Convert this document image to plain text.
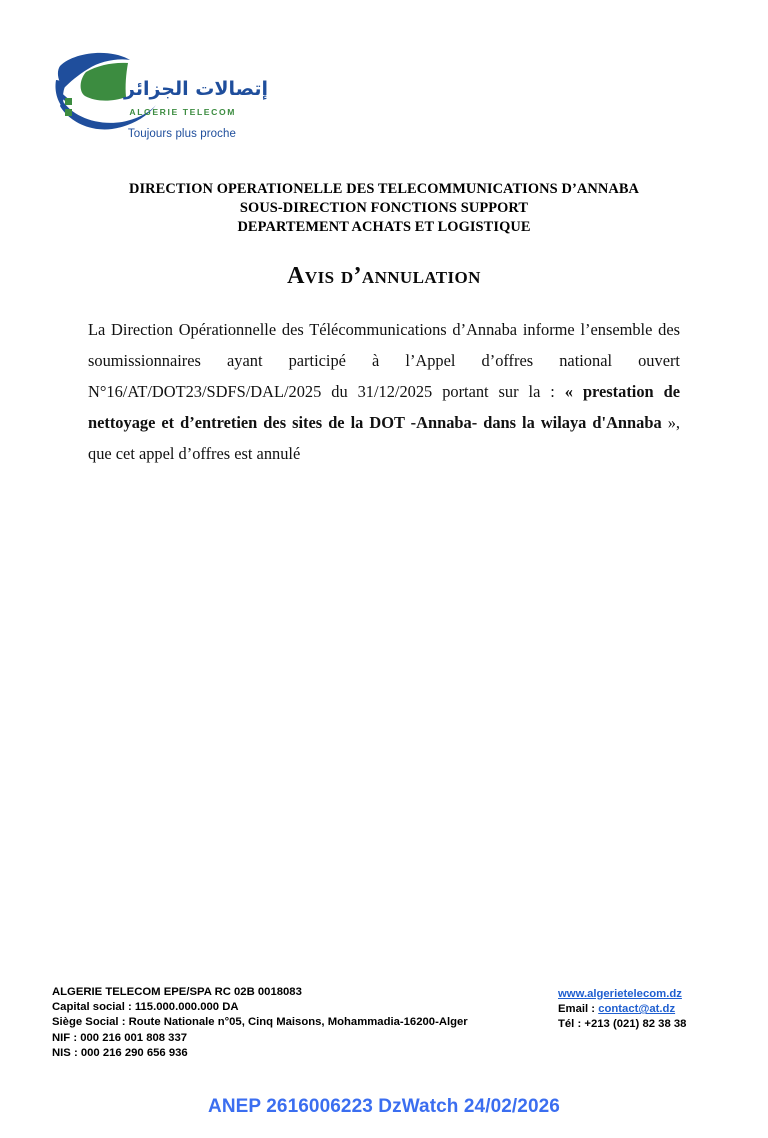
إتصالات الجزائر
ALGERIE TELECOM
Toujours plus proche
DIRECTION OPERATIONELLE DES TELECOMMUNICATIONS D’ANNABA
SOUS-DIRECTION FONCTIONS SUPPORT
DEPARTEMENT ACHATS ET LOGISTIQUE
Avis d’annulation

La Direction Opérationnelle des Télécommunications d’Annaba informe l’ensemble des soumissionnaires ayant participé à l’Appel d’offres national ouvert N°16/AT/DOT23/SDFS/DAL/2025 du 31/12/2025 portant sur la : « prestation de nettoyage et d’entretien des sites de la DOT -Annaba- dans la wilaya d'Annaba », que cet appel d’offres est annulé

ALGERIE TELECOM EPE/SPA RC 02B 0018083
Capital social : 115.000.000.000 DA
Siège Social : Route Nationale n°05, Cinq Maisons, Mohammadia-16200-Alger
NIF : 000 216 001 808 337
NIS : 000 216 290 656 936
www.algerietelecom.dz
Email : contact@at.dz
Tél : +213 (021) 82 38 38
ANEP 2616006223 DzWatch 24/02/2026
